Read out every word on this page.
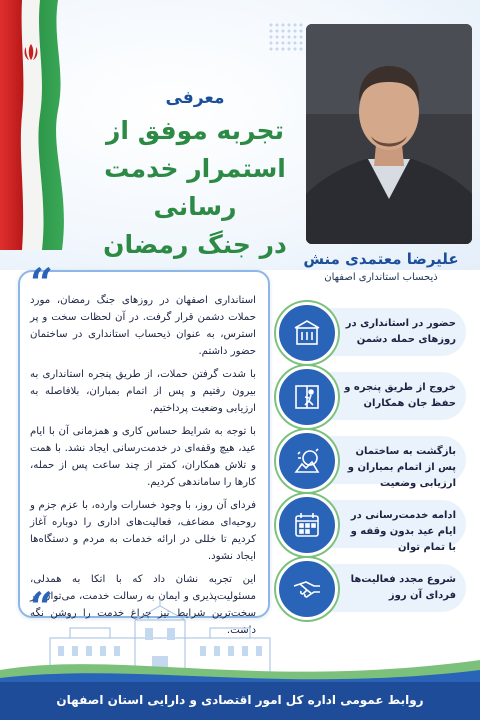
معرفی
تجربه موفق از
استمرار خدمت رسانی
در جنگ رمضان	علیرضا معتمدی منش
ذیحساب استانداری اصفهان
“

استانداری اصفهان در روزهای جنگ رمضان، مورد حملات دشمن قرار گرفت. در آن لحظات سخت و پر استرس، به عنوان ذیحساب استانداری در ساختمان حضور داشتم.

با شدت گرفتن حملات، از طریق پنجره استانداری به بیرون رفتیم و پس از اتمام بمباران، بلافاصله به ارزیابی وضعیت پرداختیم.

با توجه به شرایط حساس کاری و همزمانی آن با ایام عید، هیچ وقفه‌ای در خدمت‌رسانی ایجاد نشد. با همت و تلاش همکاران، کمتر از چند ساعت پس از حمله، کارها را ساماندهی کردیم.

فردای آن روز، با وجود خسارات وارده، با عزم جزم و روحیه‌ای مضاعف، فعالیت‌های اداری را دوباره آغاز کردیم تا خللی در ارائه خدمات به مردم و دستگاه‌ها ایجاد نشود.

این تجربه نشان داد که با اتکا به همدلی، مسئولیت‌پذیری و ایمان به رسالت خدمت، می‌توان در سخت‌ترین شرایط نیز چراغ خدمت را روشن نگه داشت.

“
حضور در استانداری در روزهای حمله دشمن
خروج از طریق پنجره و حفظ جان همکاران
بازگشت به ساختمان پس از اتمام بمباران و ارزیابی وضعیت
ادامه خدمت‌رسانی در ایام عید بدون وقفه و با تمام توان
شروع مجدد فعالیت‌ها فردای آن روز
روابط عمومی اداره کل امور اقتصادی و دارایی استان اصفهان
